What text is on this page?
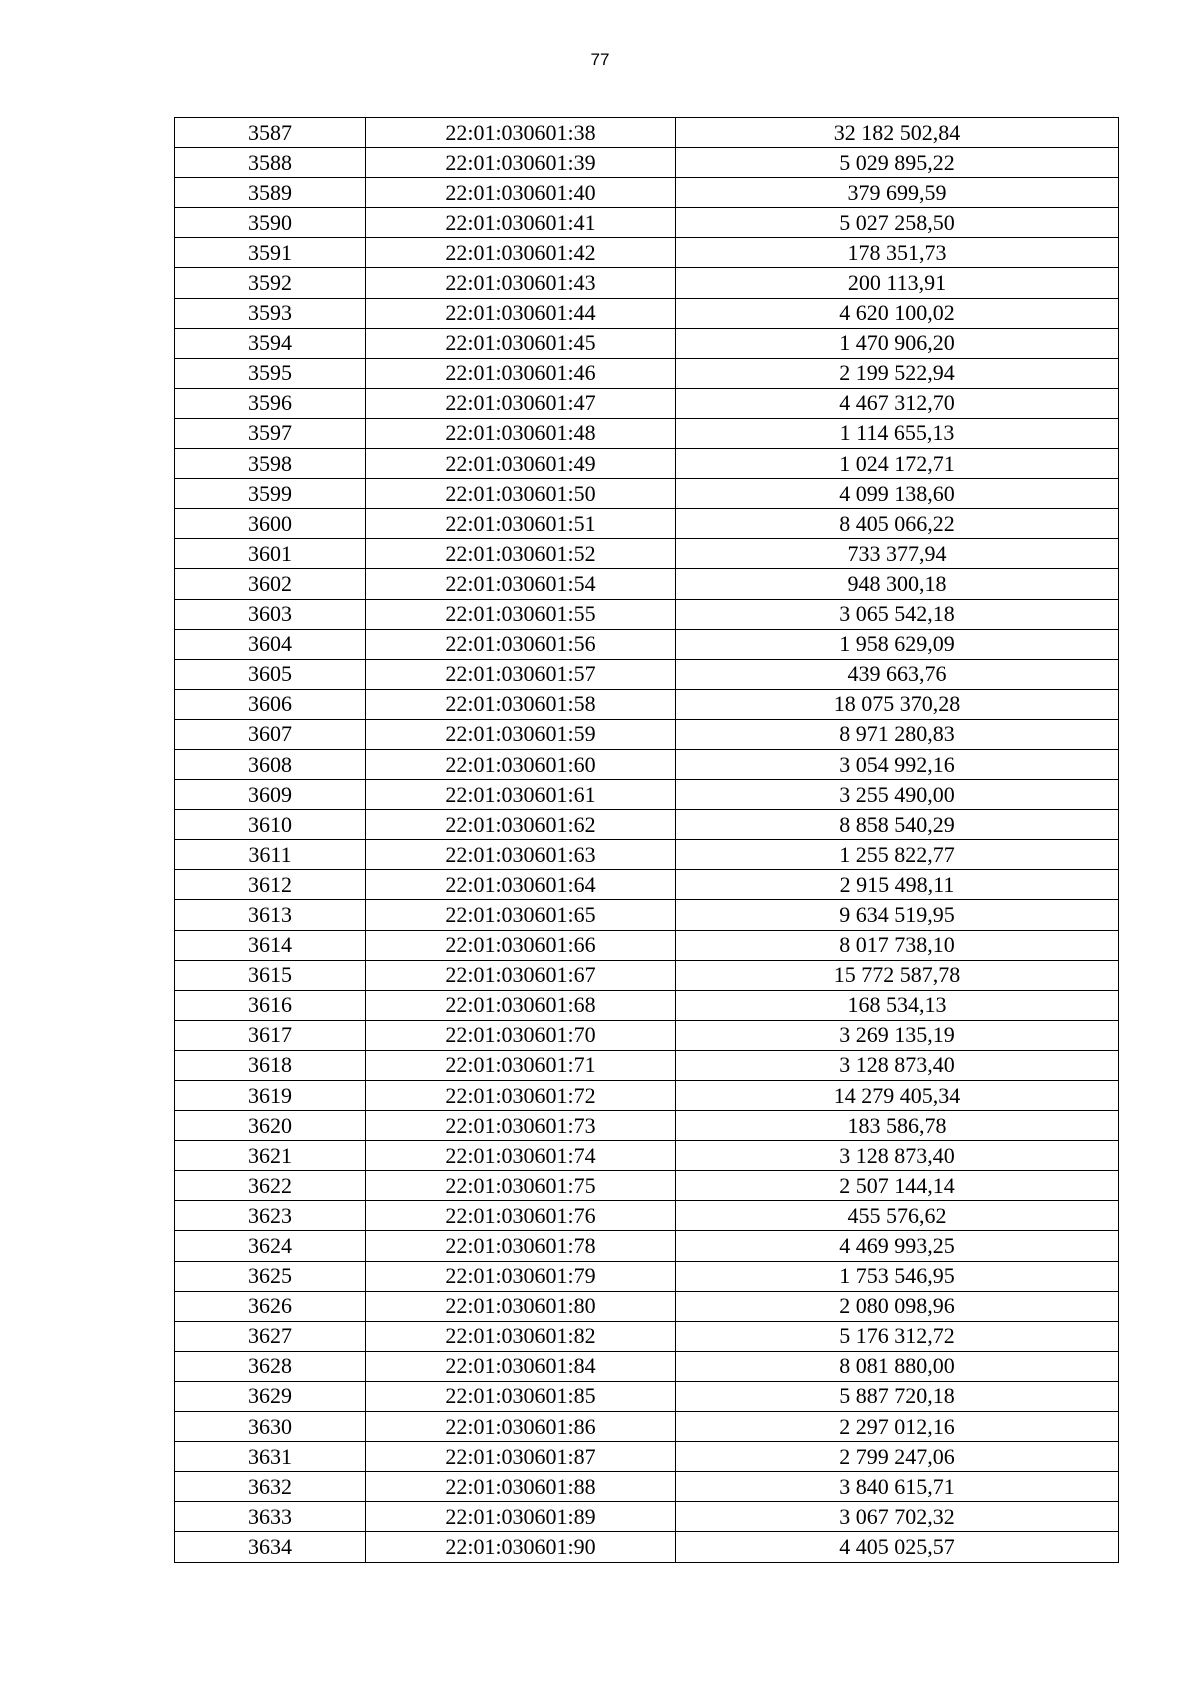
77
3587	22:01:030601:38	32 182 502,84
3588	22:01:030601:39	5 029 895,22
3589	22:01:030601:40	379 699,59
3590	22:01:030601:41	5 027 258,50
3591	22:01:030601:42	178 351,73
3592	22:01:030601:43	200 113,91
3593	22:01:030601:44	4 620 100,02
3594	22:01:030601:45	1 470 906,20
3595	22:01:030601:46	2 199 522,94
3596	22:01:030601:47	4 467 312,70
3597	22:01:030601:48	1 114 655,13
3598	22:01:030601:49	1 024 172,71
3599	22:01:030601:50	4 099 138,60
3600	22:01:030601:51	8 405 066,22
3601	22:01:030601:52	733 377,94
3602	22:01:030601:54	948 300,18
3603	22:01:030601:55	3 065 542,18
3604	22:01:030601:56	1 958 629,09
3605	22:01:030601:57	439 663,76
3606	22:01:030601:58	18 075 370,28
3607	22:01:030601:59	8 971 280,83
3608	22:01:030601:60	3 054 992,16
3609	22:01:030601:61	3 255 490,00
3610	22:01:030601:62	8 858 540,29
3611	22:01:030601:63	1 255 822,77
3612	22:01:030601:64	2 915 498,11
3613	22:01:030601:65	9 634 519,95
3614	22:01:030601:66	8 017 738,10
3615	22:01:030601:67	15 772 587,78
3616	22:01:030601:68	168 534,13
3617	22:01:030601:70	3 269 135,19
3618	22:01:030601:71	3 128 873,40
3619	22:01:030601:72	14 279 405,34
3620	22:01:030601:73	183 586,78
3621	22:01:030601:74	3 128 873,40
3622	22:01:030601:75	2 507 144,14
3623	22:01:030601:76	455 576,62
3624	22:01:030601:78	4 469 993,25
3625	22:01:030601:79	1 753 546,95
3626	22:01:030601:80	2 080 098,96
3627	22:01:030601:82	5 176 312,72
3628	22:01:030601:84	8 081 880,00
3629	22:01:030601:85	5 887 720,18
3630	22:01:030601:86	2 297 012,16
3631	22:01:030601:87	2 799 247,06
3632	22:01:030601:88	3 840 615,71
3633	22:01:030601:89	3 067 702,32
3634	22:01:030601:90	4 405 025,57
